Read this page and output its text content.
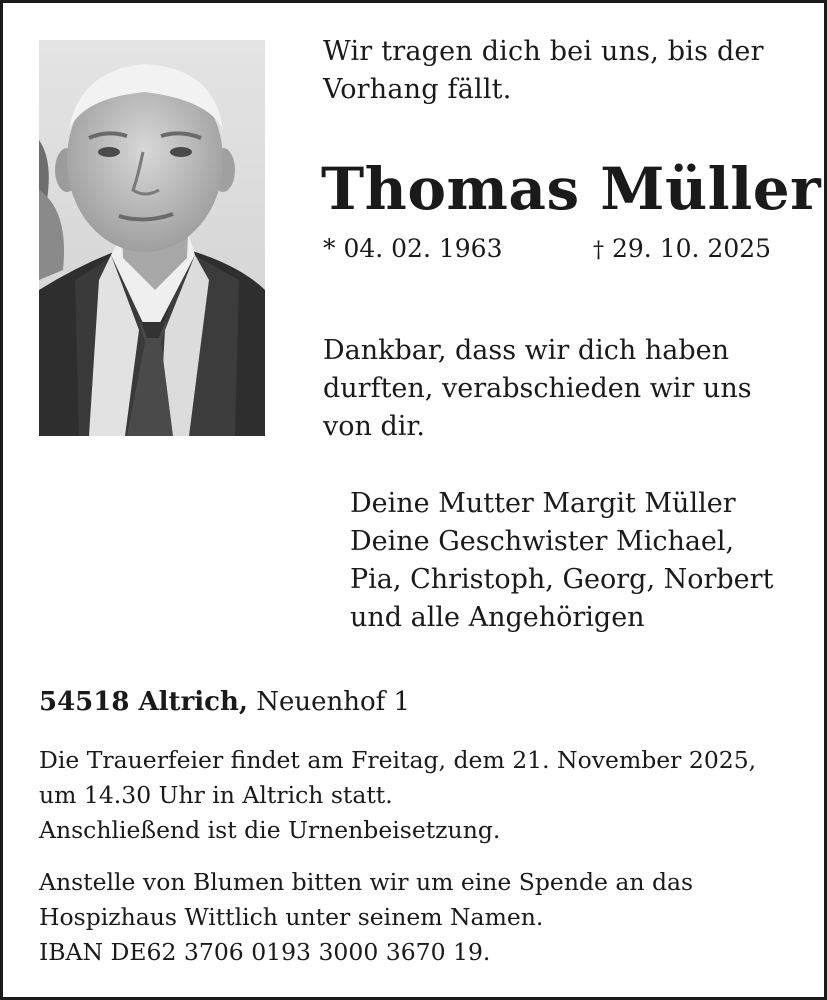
Wir tragen dich bei uns, bis der
Vorhang fällt.
Thomas Müller
* 04. 02. 1963	† 29. 10. 2025
Dankbar, dass wir dich haben
durften, verabschieden wir uns
von dir.
Deine Mutter Margit Müller
Deine Geschwister Michael,
Pia, Christoph, Georg, Norbert
und alle Angehörigen
54518 Altrich, Neuenhof 1
Die Trauerfeier findet am Freitag, dem 21. November 2025,
um 14.30 Uhr in Altrich statt.
Anschließend ist die Urnenbeisetzung.
Anstelle von Blumen bitten wir um eine Spende an das
Hospizhaus Wittlich unter seinem Namen.
IBAN DE62 3706 0193 3000 3670 19.
